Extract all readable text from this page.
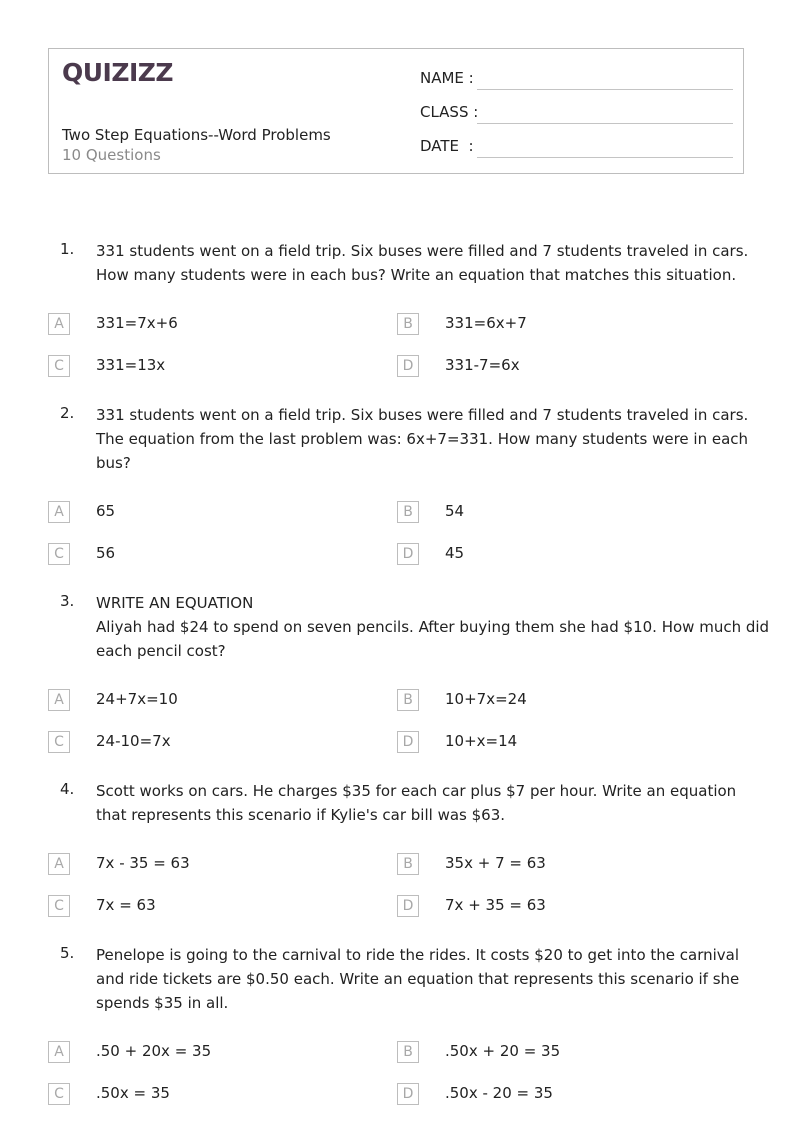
QUIZIZZ
Two Step Equations--Word Problems
10 Questions
NAME :
CLASS :
DATE  :
1. 331 students went on a field trip. Six buses were filled and 7 students traveled in cars.
How many students were in each bus? Write an equation that matches this situation.
A	331=7x+6	B	331=6x+7
C	331=13x	D	331-7=6x
2. 331 students went on a field trip. Six buses were filled and 7 students traveled in cars.
The equation from the last problem was: 6x+7=331. How many students were in each
bus?
A	65	B	54
C	56	D	45
3. WRITE AN EQUATION
Aliyah had $24 to spend on seven pencils. After buying them she had $10. How much did
each pencil cost?
A	24+7x=10	B	10+7x=24
C	24-10=7x	D	10+x=14
4. Scott works on cars. He charges $35 for each car plus $7 per hour. Write an equation
that represents this scenario if Kylie's car bill was $63.
A	7x - 35 = 63	B	35x + 7 = 63
C	7x = 63	D	7x + 35 = 63
5. Penelope is going to the carnival to ride the rides. It costs $20 to get into the carnival
and ride tickets are $0.50 each. Write an equation that represents this scenario if she
spends $35 in all.
A	.50 + 20x = 35	B	.50x + 20 = 35
C	.50x = 35	D	.50x - 20 = 35
